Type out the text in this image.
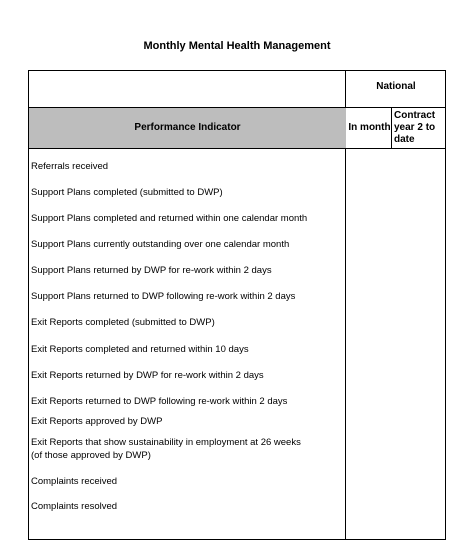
Monthly Mental Health Management
National
Performance Indicator	In month
Contract year 2 to date
Referrals received
Support Plans completed (submitted to DWP)
Support Plans completed and returned within one calendar month
Support Plans currently outstanding over one calendar month
Support Plans returned by DWP for re-work within 2 days
Support Plans returned to DWP following re-work within 2 days
Exit Reports completed (submitted to DWP)
Exit Reports completed and returned within 10 days
Exit Reports returned by DWP for re-work within 2 days
Exit Reports returned to DWP following re-work within 2 days
Exit Reports approved by DWP
Exit Reports that show sustainability in employment at 26 weeks
(of those approved by DWP)
Complaints received
Complaints resolved
